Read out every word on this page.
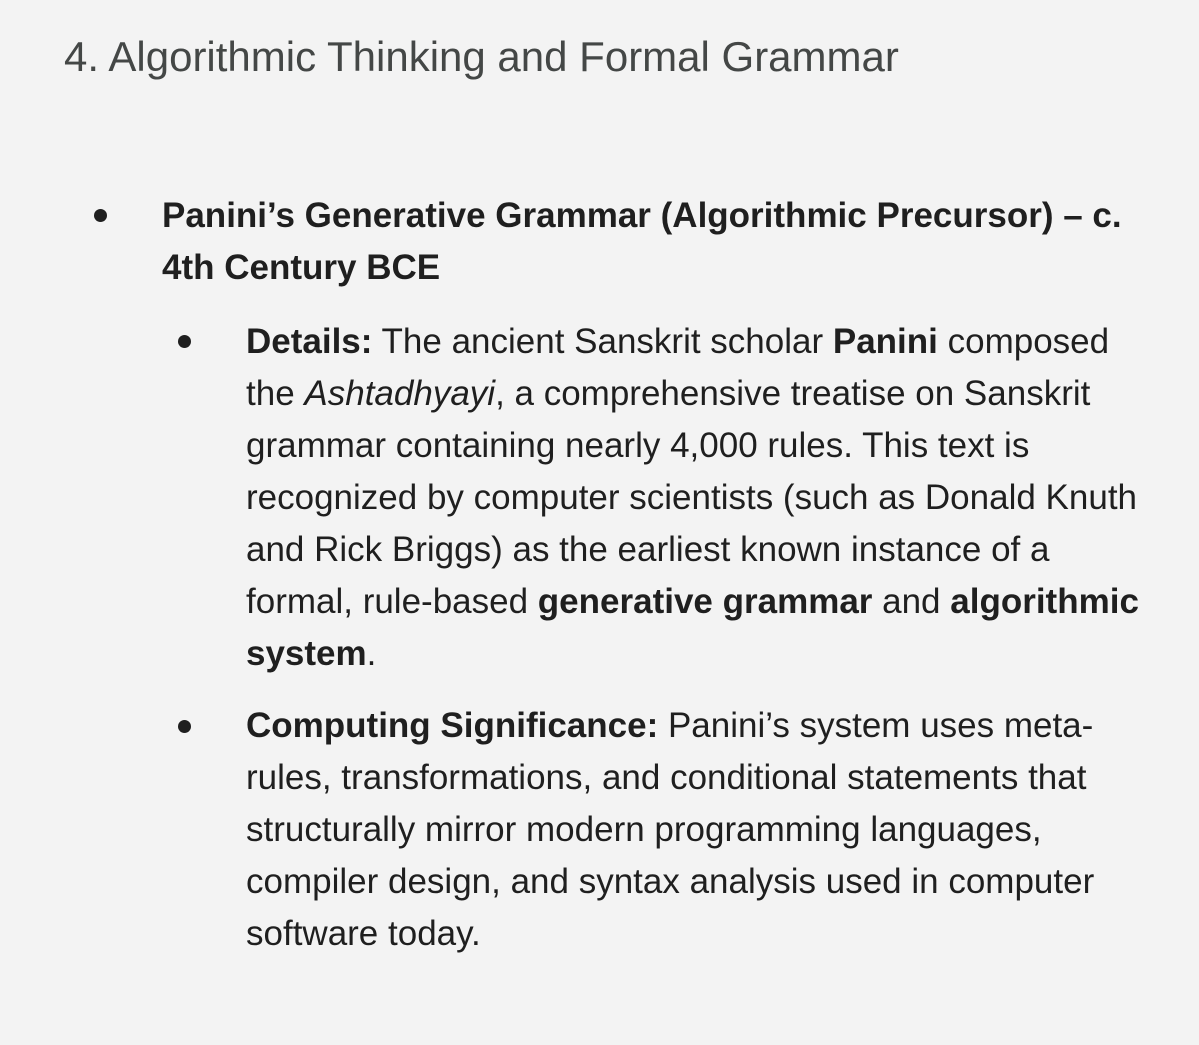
4. Algorithmic Thinking and Formal Grammar

Panini’s Generative Grammar (Algorithmic Precursor) – c. 4th Century BCE

Details: The ancient Sanskrit scholar Panini composed the Ashtadhyayi, a comprehensive treatise on Sanskrit grammar containing nearly 4,000 rules. This text is recognized by computer scientists (such as Donald Knuth and Rick Briggs) as the earliest known instance of a formal, rule-based generative grammar and algorithmic system.

Computing Significance: Panini’s system uses meta-rules, transformations, and conditional statements that structurally mirror modern programming languages, compiler design, and syntax analysis used in computer software today.
